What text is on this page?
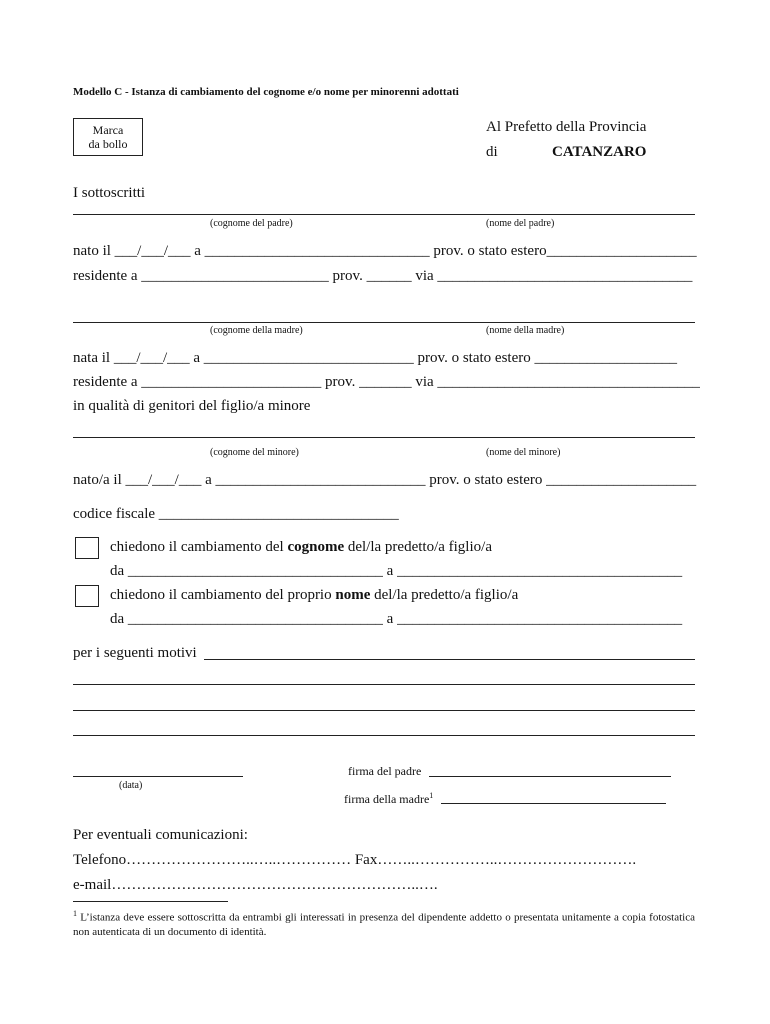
Modello C - Istanza di cambiamento del cognome e/o nome per minorenni adottati
Marca
da bollo
Al Prefetto della Provincia
di	CATANZARO
I sottoscritti
(cognome del padre)	(nome del padre)
nato il ___/___/___ a ______________________________ prov. o stato estero____________________
residente a _________________________ prov. ______ via __________________________________
(cognome della madre)	(nome della madre)
nata il ___/___/___ a ____________________________ prov. o stato estero ___________________
residente a ________________________ prov. _______ via ___________________________________
in qualità di genitori del figlio/a minore
(cognome del minore)	(nome del minore)
nato/a il ___/___/___ a ____________________________ prov. o stato estero ____________________
codice fiscale ________________________________
chiedono il cambiamento del cognome del/la predetto/a figlio/a
da __________________________________ a ______________________________________
chiedono il cambiamento del proprio nome del/la predetto/a figlio/a
da __________________________________ a ______________________________________
per i seguenti motivi
(data)
firma del padre
firma della madre$^1$
Per eventuali comunicazioni:
Telefono……………………..…..…………… Fax……..……………..……………………….
e-mail……………………………………………………..….
$^1$ L’istanza deve essere sottoscritta da entrambi gli interessati in presenza del dipendente addetto o presentata unitamente a copia fotostatica non autenticata di un documento di identità.
